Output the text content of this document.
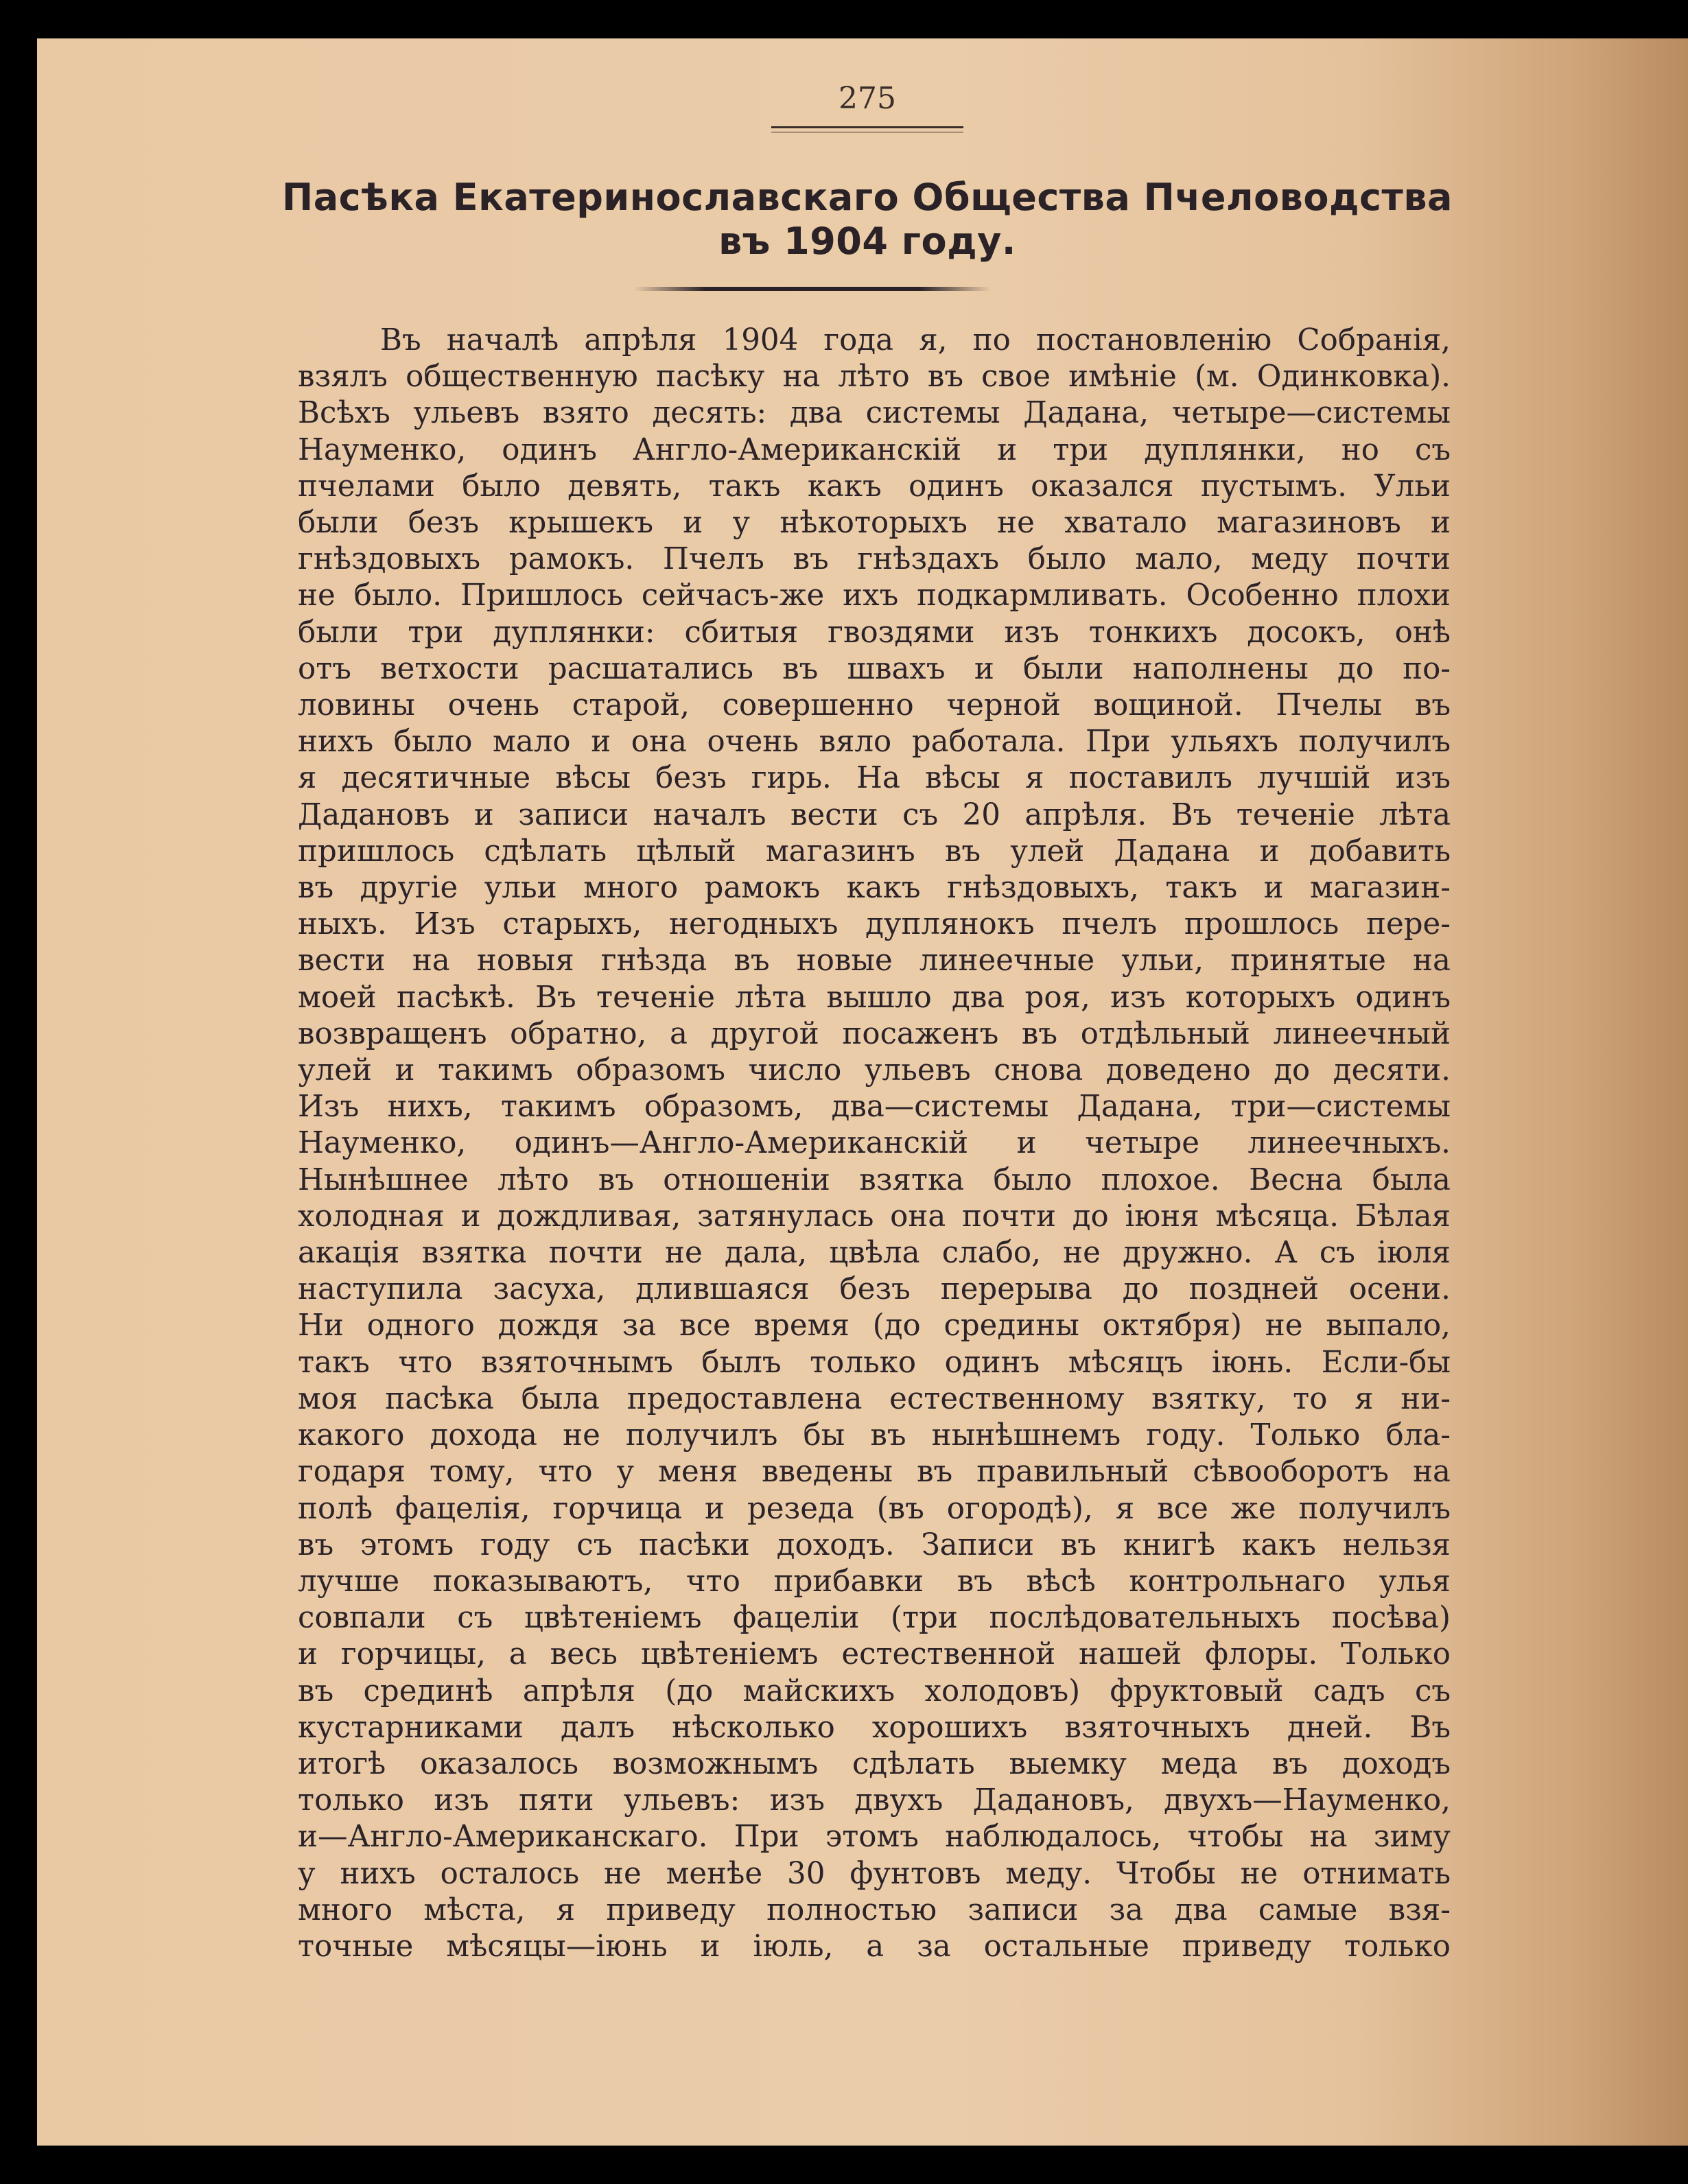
275
Пасѣка Екатеринославскаго Общества Пчеловодства въ 1904 году.
Въ началѣ апрѣля 1904 года я, по постановленію Собранія,
взялъ общественную пасѣку на лѣто въ свое имѣніе (м. Одинковка).
Всѣхъ ульевъ взято десять: два системы Дадана, четыре—системы
Науменко, одинъ Англо-Американскій и три дуплянки, но съ
пчелами было девять, такъ какъ одинъ оказался пустымъ. Ульи
были безъ крышекъ и у нѣкоторыхъ не хватало магазиновъ и
гнѣздовыхъ рамокъ. Пчелъ въ гнѣздахъ было мало, меду почти
не было. Пришлось сейчасъ-же ихъ подкармливать. Особенно плохи
были три дуплянки: сбитыя гвоздями изъ тонкихъ досокъ, онѣ
отъ ветхости расшатались въ швахъ и были наполнены до по-
ловины очень старой, совершенно черной вощиной. Пчелы въ
нихъ было мало и она очень вяло работала. При ульяхъ получилъ
я десятичные вѣсы безъ гирь. На вѣсы я поставилъ лучшій изъ
Дадановъ и записи началъ вести съ 20 апрѣля. Въ теченіе лѣта
пришлось сдѣлать цѣлый магазинъ въ улей Дадана и добавить
въ другіе ульи много рамокъ какъ гнѣздовыхъ, такъ и магазин-
ныхъ. Изъ старыхъ, негодныхъ дуплянокъ пчелъ прошлось пере-
вести на новыя гнѣзда въ новые линеечные ульи, принятые на
моей пасѣкѣ. Въ теченіе лѣта вышло два роя, изъ которыхъ одинъ
возвращенъ обратно, а другой посаженъ въ отдѣльный линеечный
улей и такимъ образомъ число ульевъ снова доведено до десяти.
Изъ нихъ, такимъ образомъ, два—системы Дадана, три—системы
Науменко, одинъ—Англо-Американскій и четыре линеечныхъ.
Нынѣшнее лѣто въ отношеніи взятка было плохое. Весна была
холодная и дождливая, затянулась она почти до іюня мѣсяца. Бѣлая
акація взятка почти не дала, цвѣла слабо, не дружно. А съ іюля
наступила засуха, длившаяся безъ перерыва до поздней осени.
Ни одного дождя за все время (до средины октября) не выпало,
такъ что взяточнымъ былъ только одинъ мѣсяцъ іюнь. Если-бы
моя пасѣка была предоставлена естественному взятку, то я ни-
какого дохода не получилъ бы въ нынѣшнемъ году. Только бла-
годаря тому, что у меня введены въ правильный сѣвооборотъ на
полѣ фацелія, горчица и резеда (въ огородѣ), я все же получилъ
въ этомъ году съ пасѣки доходъ. Записи въ книгѣ какъ нельзя
лучше показываютъ, что прибавки въ вѣсѣ контрольнаго улья
совпали съ цвѣтеніемъ фацеліи (три послѣдовательныхъ посѣва)
и горчицы, а весь цвѣтеніемъ естественной нашей флоры. Только
въ срединѣ апрѣля (до майскихъ холодовъ) фруктовый садъ съ
кустарниками далъ нѣсколько хорошихъ взяточныхъ дней. Въ
итогѣ оказалось возможнымъ сдѣлать выемку меда въ доходъ
только изъ пяти ульевъ: изъ двухъ Дадановъ, двухъ—Науменко,
и—Англо-Американскаго. При этомъ наблюдалось, чтобы на зиму
у нихъ осталось не менѣе 30 фунтовъ меду. Чтобы не отнимать
много мѣста, я приведу полностью записи за два самые взя-
точные мѣсяцы—іюнь и іюль, а за остальные приведу только
